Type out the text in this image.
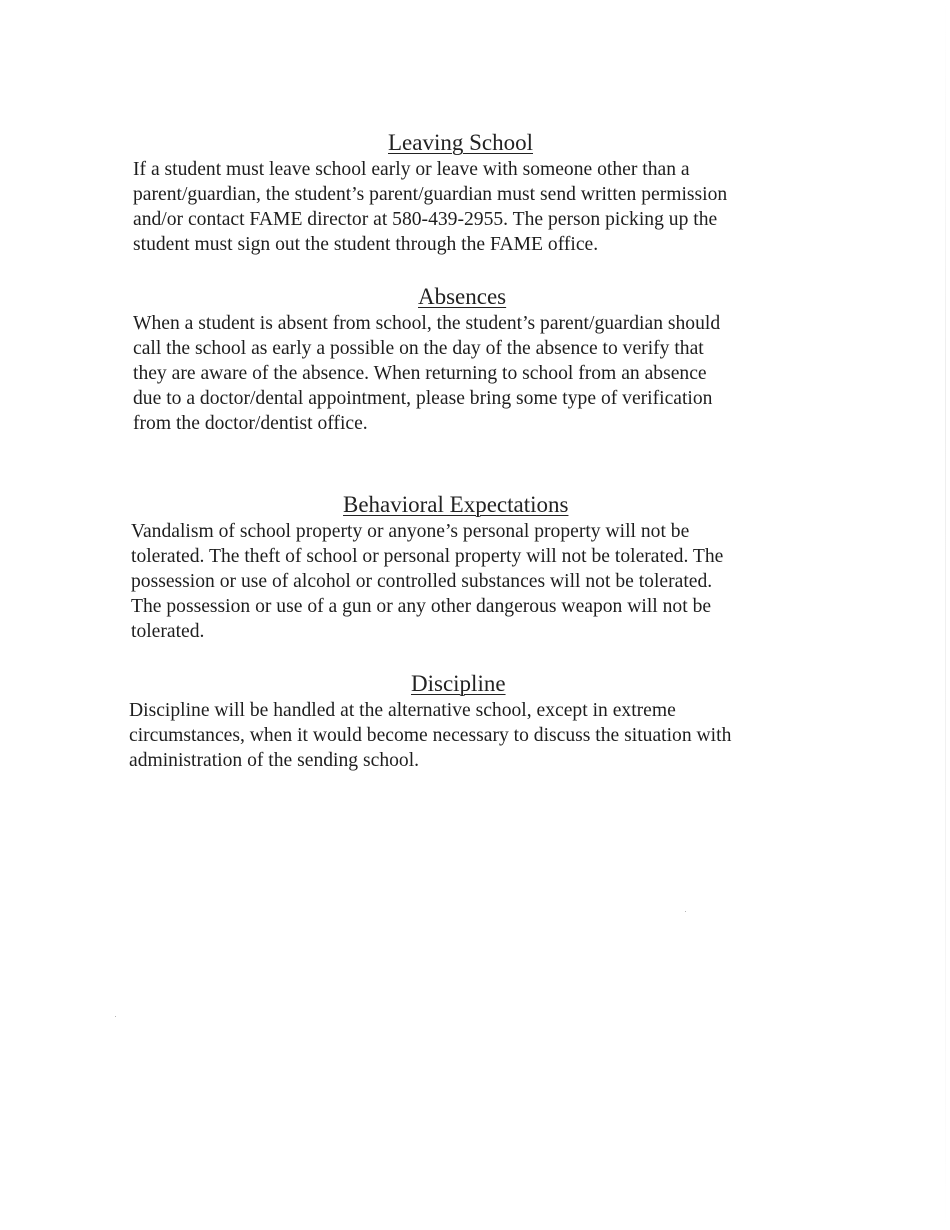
Leaving School
If a student must leave school early or leave with someone other than a
parent/guardian, the student’s parent/guardian must send written permission
and/or contact FAME director at 580-439-2955. The person picking up the
student must sign out the student through the FAME office.
Absences
When a student is absent from school, the student’s parent/guardian should
call the school as early a possible on the day of the absence to verify that
they are aware of the absence. When returning to school from an absence
due to a doctor/dental appointment, please bring some type of verification
from the doctor/dentist office.
Behavioral Expectations
Vandalism of school property or anyone’s personal property will not be
tolerated. The theft of school or personal property will not be tolerated. The
possession or use of alcohol or controlled substances will not be tolerated.
The possession or use of a gun or any other dangerous weapon will not be
tolerated.
Discipline
Discipline will be handled at the alternative school, except in extreme
circumstances, when it would become necessary to discuss the situation with
administration of the sending school.
